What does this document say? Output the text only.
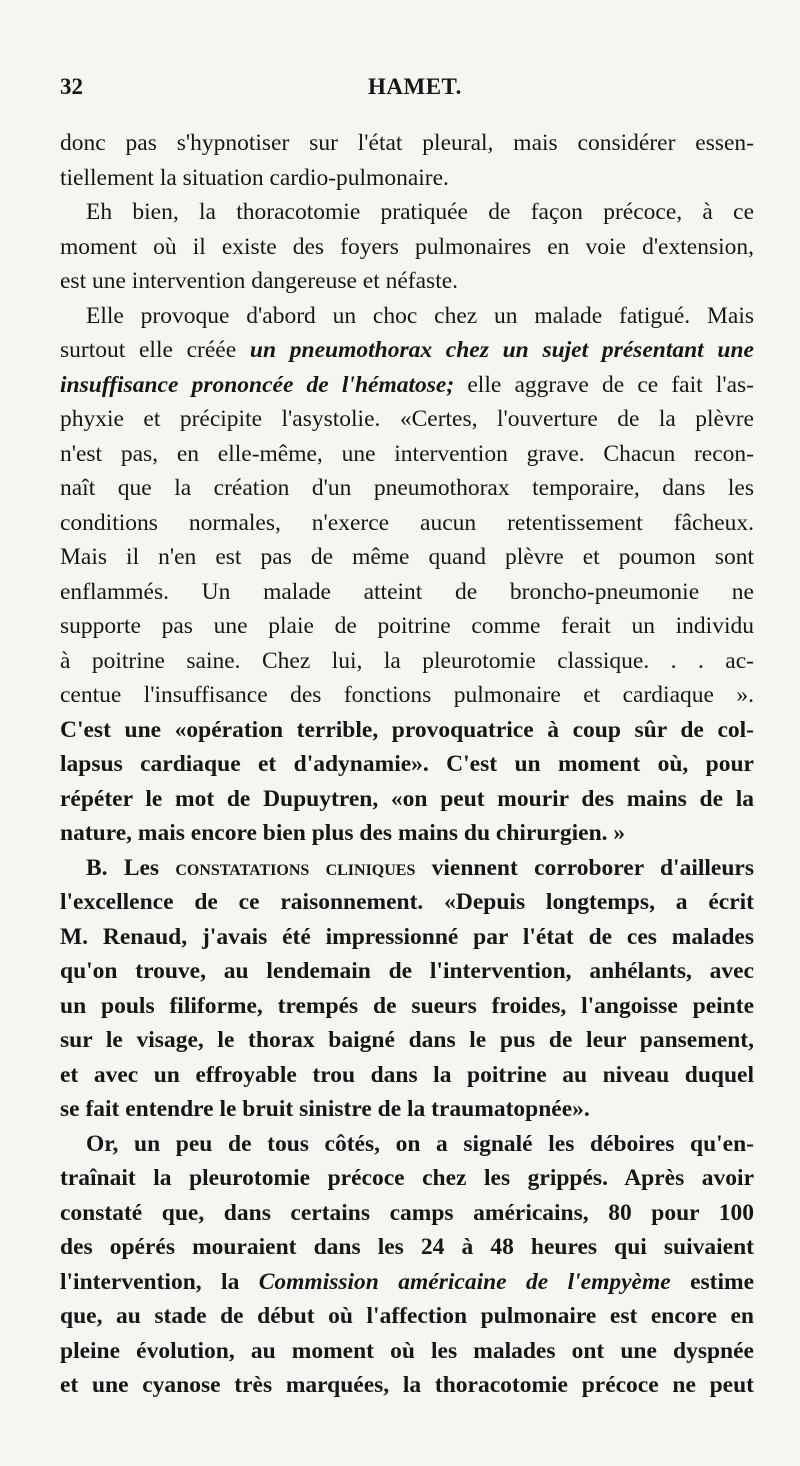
32	HAMET.
donc pas s'hypnotiser sur l'état pleural, mais considérer essen-
tiellement la situation cardio-pulmonaire.
Eh bien, la thoracotomie pratiquée de façon précoce, à ce
moment où il existe des foyers pulmonaires en voie d'extension,
est une intervention dangereuse et néfaste.
Elle provoque d'abord un choc chez un malade fatigué. Mais
surtout elle créée un pneumothorax chez un sujet présentant une
insuffisance prononcée de l'hématose; elle aggrave de ce fait l'as-
phyxie et précipite l'asystolie. «Certes, l'ouverture de la plèvre
n'est pas, en elle-même, une intervention grave. Chacun recon-
naît que la création d'un pneumothorax temporaire, dans les
conditions normales, n'exerce aucun retentissement fâcheux.
Mais il n'en est pas de même quand plèvre et poumon sont
enflammés. Un malade atteint de broncho-pneumonie ne
supporte pas une plaie de poitrine comme ferait un individu
à poitrine saine. Chez lui, la pleurotomie classique. . . ac-
centue l'insuffisance des fonctions pulmonaire et cardiaque ».
C'est une «opération terrible, provoquatrice à coup sûr de col-
lapsus cardiaque et d'adynamie». C'est un moment où, pour
répéter le mot de Dupuytren, «on peut mourir des mains de la
nature, mais encore bien plus des mains du chirurgien. »
B. Les constatations cliniques viennent corroborer d'ailleurs
l'excellence de ce raisonnement. «Depuis longtemps, a écrit
M. Renaud, j'avais été impressionné par l'état de ces malades
qu'on trouve, au lendemain de l'intervention, anhélants, avec
un pouls filiforme, trempés de sueurs froides, l'angoisse peinte
sur le visage, le thorax baigné dans le pus de leur pansement,
et avec un effroyable trou dans la poitrine au niveau duquel
se fait entendre le bruit sinistre de la traumatopnée».
Or, un peu de tous côtés, on a signalé les déboires qu'en-
traînait la pleurotomie précoce chez les grippés. Après avoir
constaté que, dans certains camps américains, 80 pour 100
des opérés mouraient dans les 24 à 48 heures qui suivaient
l'intervention, la Commission américaine de l'empyème estime
que, au stade de début où l'affection pulmonaire est encore en
pleine évolution, au moment où les malades ont une dyspnée
et une cyanose très marquées, la thoracotomie précoce ne peut
